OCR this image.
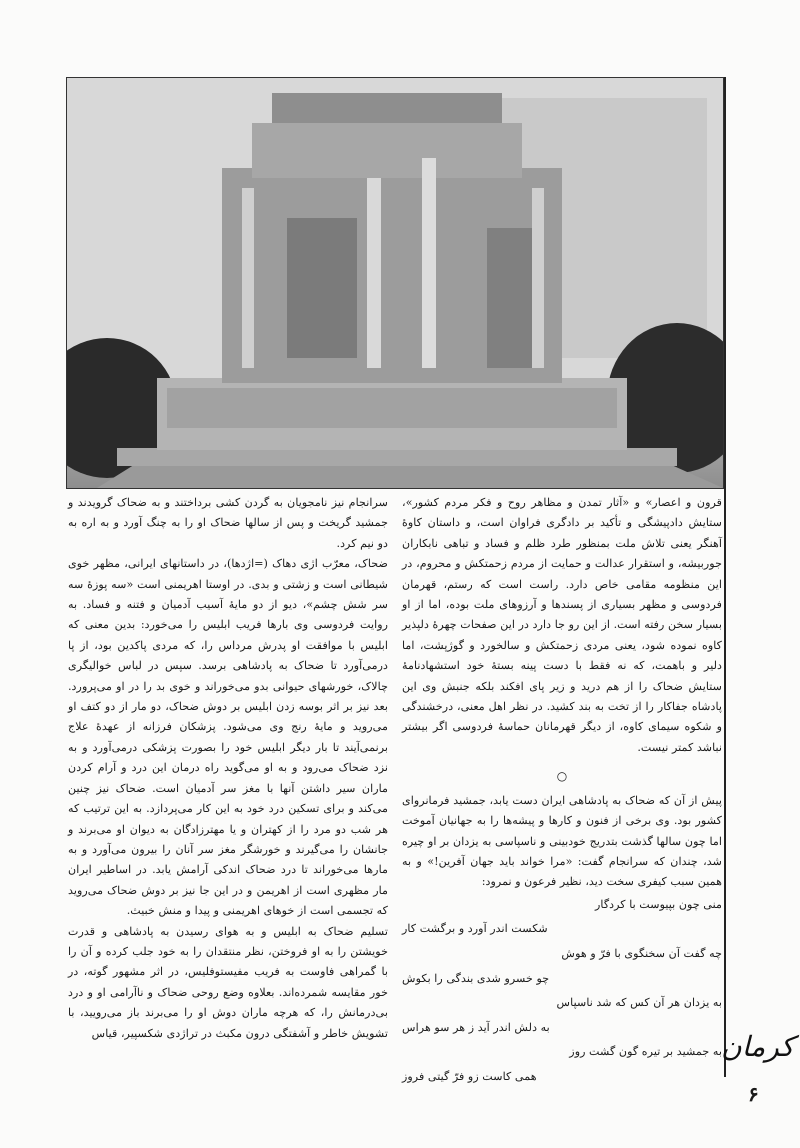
قرون و اعصار» و «آثار تمدن و مظاهر روح و فکر مردم کشور»، ستایش دادپیشگی و تأکید بر دادگری فراوان است، و داستان کاوهٔ آهنگر یعنی تلاش ملت بمنظور طرد ظلم و فساد و تباهی نابکاران جوربیشه، و استقرار عدالت و حمایت از مردم زحمتکش و محروم، در این منظومه مقامی خاص دارد. راست است که رستم، قهرمان فردوسی و مظهر بسیاری از پسندها و آرزوهای ملت بوده، اما از او بسیار سخن رفته است. از این رو جا دارد در این صفحات چهرهٔ دلپذیر کاوه نموده شود، یعنی مردی زحمتکش و سالخورد و گوژپشت، اما دلیر و باهمت، که نه فقط با دست پینه بستهٔ خود استشهادنامهٔ ستایش ضحاک را از هم درید و زیر پای افکند بلکه جنبش وی این پادشاه جفاکار را از تخت به بند کشید. در نظر اهل معنی، درخشندگی و شکوه سیمای کاوه، از دیگر قهرمانان حماسهٔ فردوسی اگر بیشتر نباشد کمتر نیست.

○

پیش از آن که ضحاک به پادشاهی ایران دست یابد، جمشید فرمانروای کشور بود. وی برخی از فنون و کارها و پیشه‌ها را به جهانیان آموخت اما چون سالها گذشت بتدریج خودبینی و ناسپاسی به یزدان بر او چیره شد، چندان که سرانجام گفت: «مرا خواند باید جهان آفرین!» و به همین سبب کیفری سخت دید، نظیر فرعون و نمرود:

منی چون بپیوست با کردگار
شکست اندر آورد و برگشت کار
چه گفت آن سخنگوی با فرّ و هوش
چو خسرو شدی بندگی را بکوش
به یزدان هر آن کس که شد ناسپاس
به دلش اندر آید ز هر سو هراس
به جمشید بر تیره گون گشت روز
همی کاست زو فرّ گیتی فروز

سرانجام نیز نامجویان به گردن کشی برداختند و به ضحاک گرویدند و جمشید گریخت و پس از سالها ضحاک او را به چنگ آورد و به اره به دو نیم کرد.

ضحاک، معرّب اژی دهاک (=اژدها)، در داستانهای ایرانی، مظهر خوی شیطانی است و زشتی و بدی. در اوستا اهریمنی است «سه پوزهٔ سه سر شش چشم»، دیو از دو مایهٔ آسیب آدمیان و فتنه و فساد. به روایت فردوسی وی بارها فریب ابلیس را می‌خورد: بدین معنی که ابلیس با موافقت او پدرش مرداس را، که مردی پاکدین بود، از پا درمی‌آورد تا ضحاک به پادشاهی برسد. سپس در لباس خوالیگری چالاک، خورشهای حیوانی بدو می‌خوراند و خوی بد را در او می‌پرورد. بعد نیز بر اثر بوسه زدن ابلیس بر دوش ضحاک، دو مار از دو کتف او می‌روید و مایهٔ رنج وی می‌شود. پزشکان فرزانه از عهدهٔ علاج برنمی‌آیند تا بار دیگر ابلیس خود را بصورت پزشکی درمی‌آورد و به نزد ضحاک می‌رود و به او می‌گوید راه درمان این درد و آرام کردن ماران سیر داشتن آنها با مغز سر آدمیان است. ضحاک نیز چنین می‌کند و برای تسکین درد خود به این کار می‌پردازد. به این ترتیب که هر شب دو مرد را از کهتران و یا مهترزادگان به دیوان او می‌برند و جانشان را می‌گیرند و خورشگر مغز سر آنان را بیرون می‌آورد و به مارها می‌خوراند تا درد ضحاک اندکی آرامش یابد. در اساطیر ایران مار مظهری است از اهریمن و در این جا نیز بر دوش ضحاک می‌روید که تجسمی است از خوهای اهریمنی و پیدا و منش خبیث.

تسلیم ضحاک به ابلیس و به هوای رسیدن به پادشاهی و قدرت خویشتن را به او فروختن، نظر منتقدان را به خود جلب کرده و آن را با گمراهی فاوست به فریب مفیستوفلیس، در اثر مشهور گوته، در خور مقایسه شمرده‌اند. بعلاوه وضع روحی ضحاک و ناآرامی او و درد بی‌درمانش را، که هرچه ماران دوش او را می‌برند باز می‌رویید، با تشویش خاطر و آشفتگی درون مکبث در تراژدی شکسپیر، قیاس	کرمان
۶
